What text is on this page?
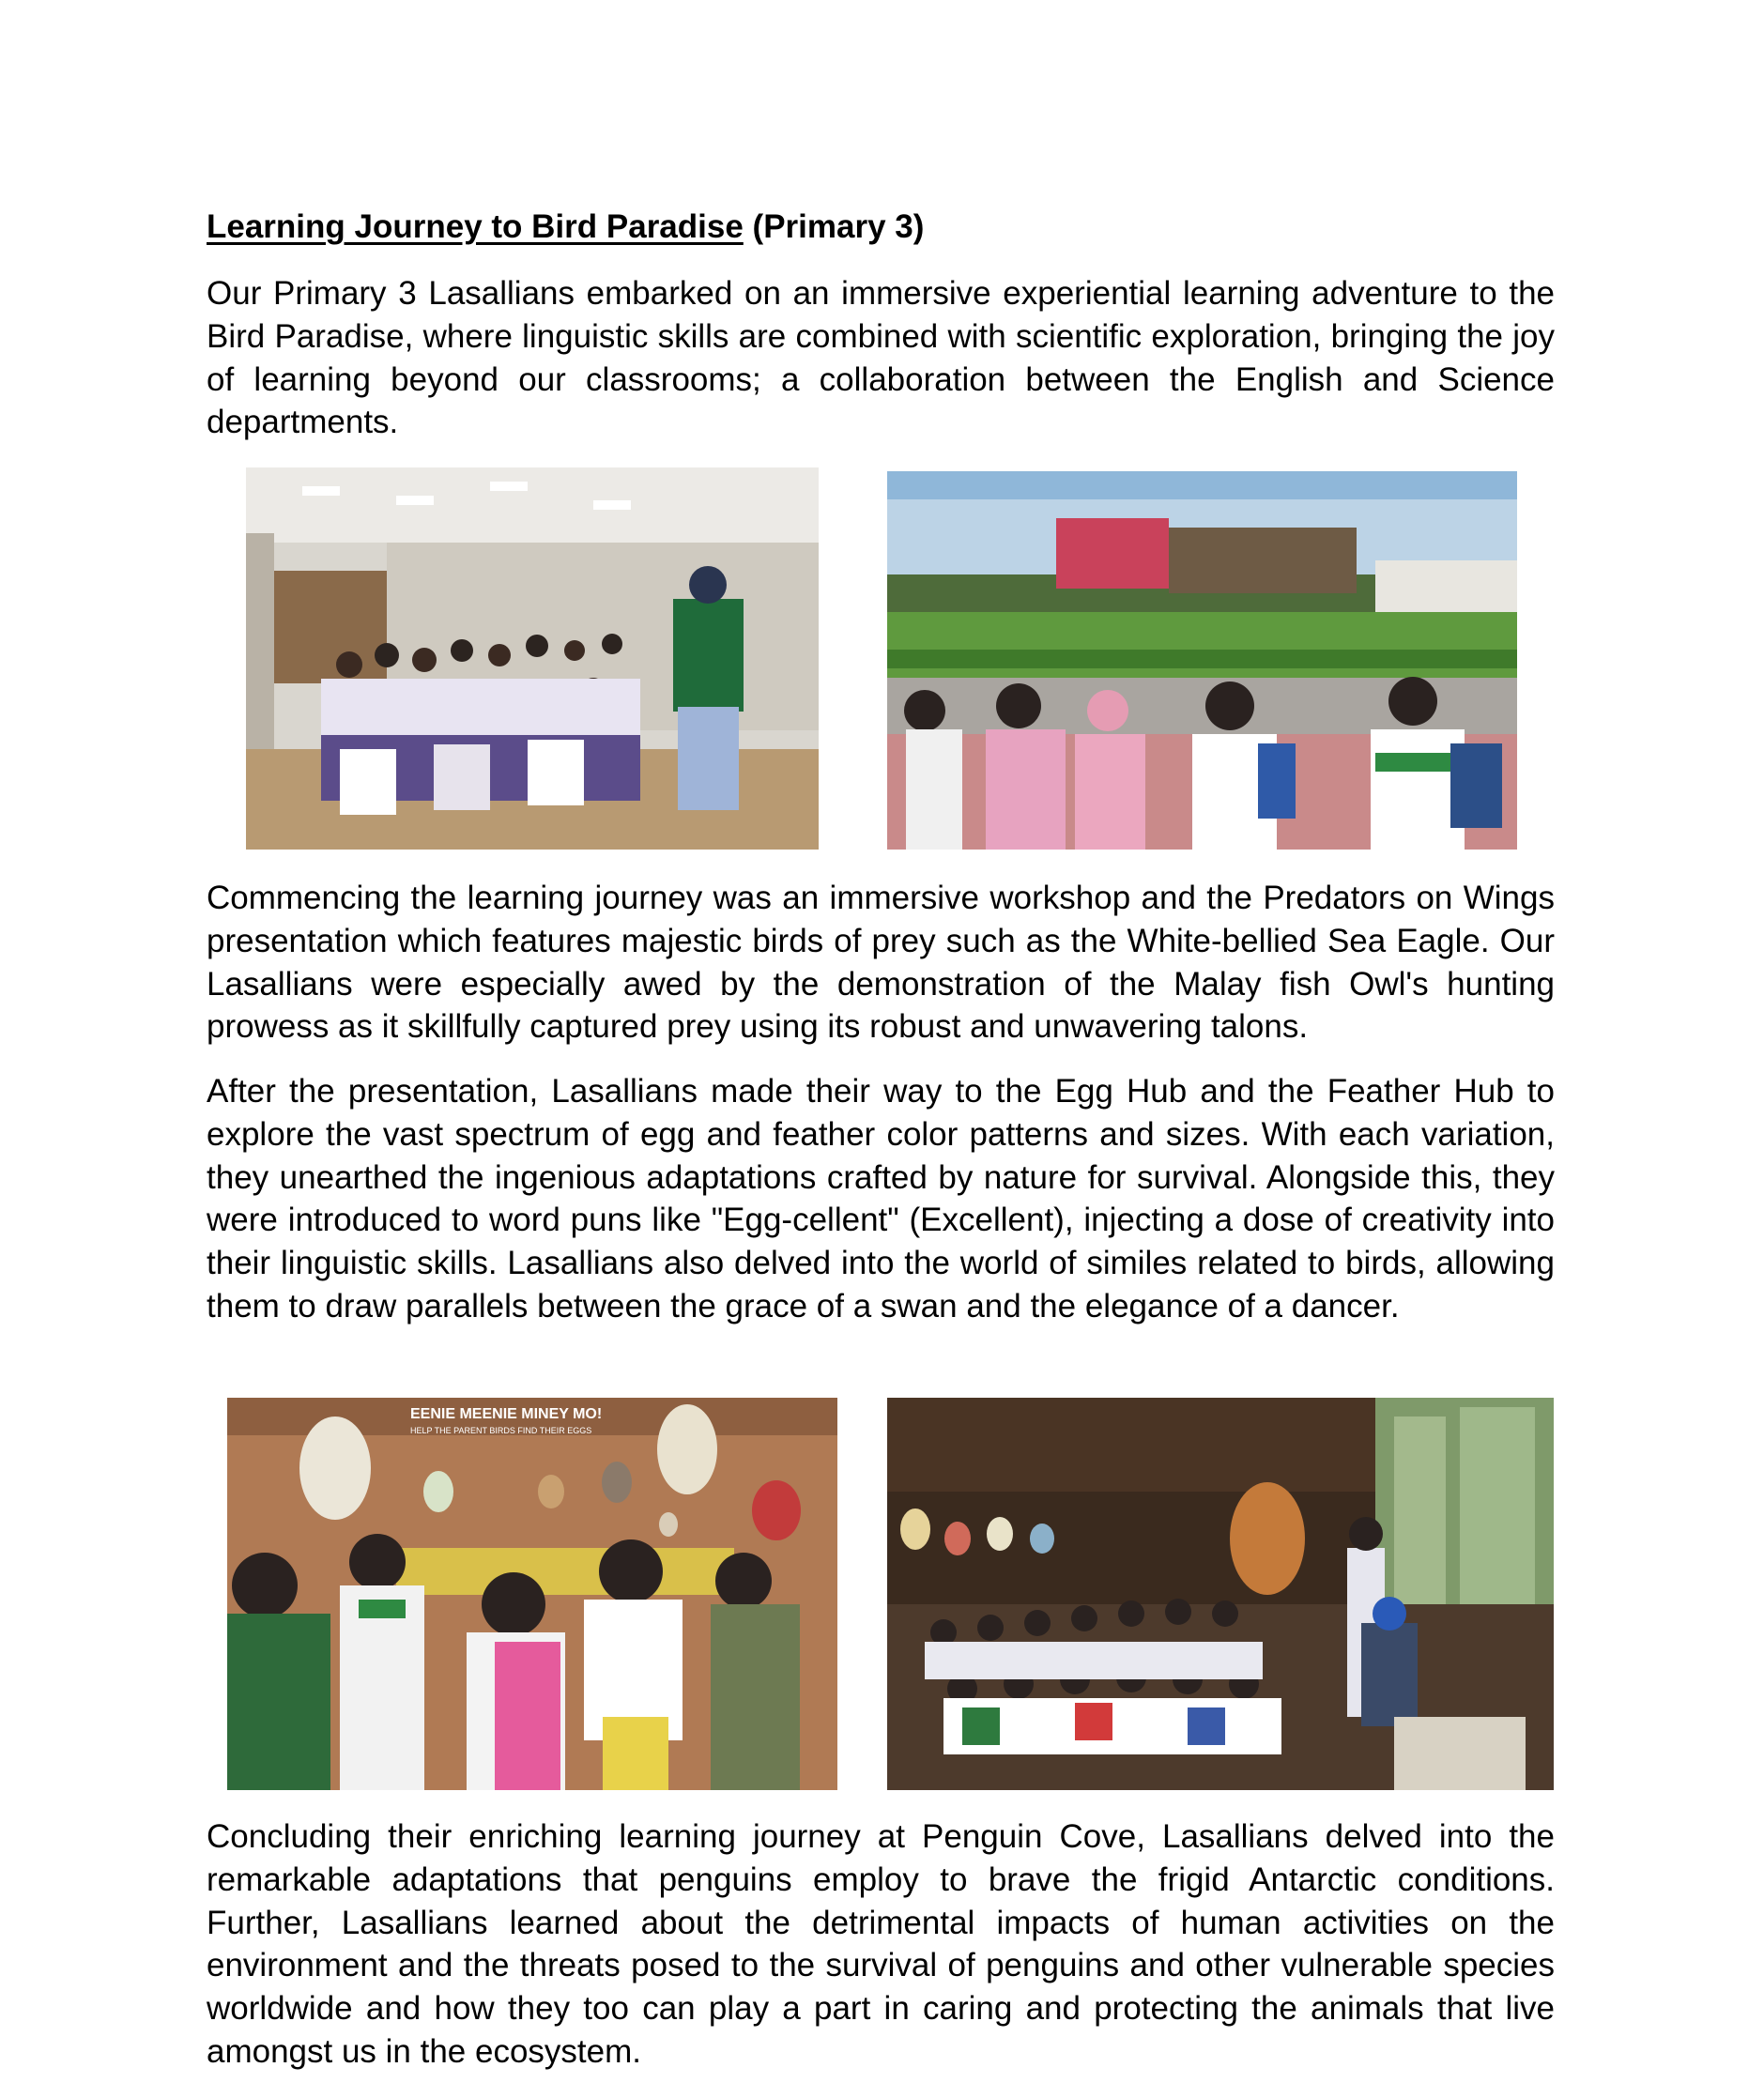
Learning Journey to Bird Paradise (Primary 3)

Our Primary 3 Lasallians embarked on an immersive experiential learning adventure to the Bird Paradise, where linguistic skills are combined with scientific exploration, bringing the joy of learning beyond our classrooms; a collaboration between the English and Science departments.

Commencing the learning journey was an immersive workshop and the Predators on Wings presentation which features majestic birds of prey such as the White-bellied Sea Eagle. Our Lasallians were especially awed by the demonstration of the Malay fish Owl's hunting prowess as it skillfully captured prey using its robust and unwavering talons.

After the presentation, Lasallians made their way to the Egg Hub and the Feather Hub to explore the vast spectrum of egg and feather color patterns and sizes. With each variation, they unearthed the ingenious adaptations crafted by nature for survival. Alongside this, they were introduced to word puns like "Egg-cellent" (Excellent), injecting a dose of creativity into their linguistic skills. Lasallians also delved into the world of similes related to birds, allowing them to draw parallels between the grace of a swan and the elegance of a dancer.

EENIE MEENIE MINEY MO!
HELP THE PARENT BIRDS FIND THEIR EGGS

Concluding their enriching learning journey at Penguin Cove, Lasallians delved into the remarkable adaptations that penguins employ to brave the frigid Antarctic conditions. Further, Lasallians learned about the detrimental impacts of human activities on the environment and the threats posed to the survival of penguins and other vulnerable species worldwide and how they too can play a part in caring and protecting the animals that live amongst us in the ecosystem.
